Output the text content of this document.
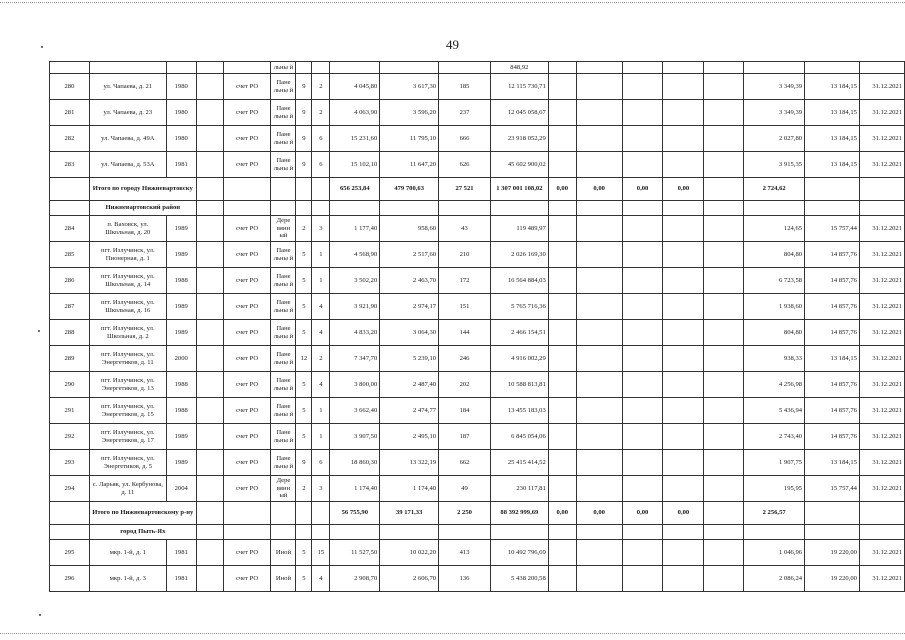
49
					льны й						848,92								
280	ул. Чапаева, д. 21	1980		счет РО	Пане льны й	9	2	4 045,80	3 617,30	185	12 115 730,71						3 349,39	13 184,15	31.12.2021
281	ул. Чапаева, д. 23	1980		счет РО	Пане льны й	9	2	4 063,90	3 596,20	237	12 045 058,67						3 349,39	13 184,15	31.12.2021
282	ул. Чапаева, д. 49А	1980		счет РО	Пане льны й	9	6	15 231,60	11 795,10	666	23 918 052,29						2 027,80	13 184,15	31.12.2021
283	ул. Чапаева, д. 53А	1981		счет РО	Пане льны й	9	6	15 102,10	11 647,20	626	45 602 900,02						3 915,35	13 184,15	31.12.2021
	Итого по городу Нижневартовску							656 253,84	479 700,63	27 521	1 307 001 108,02	0,00	0,00	0,00	0,00		2 724,62		
	Нижневартовский район																		
284	п. Ваховск, ул. Школьная, д. 20	1989		счет РО	Дере вянн ый	2	3	1 177,40	958,60	43	119 489,97						124,65	15 757,44	31.12.2021
285	пгт. Излучинск, ул. Пионерная, д. 1	1989		счет РО	Пане льны й	5	1	4 568,90	2 517,60	210	2 026 169,30						804,80	14 857,76	31.12.2021
286	пгт. Излучинск, ул. Школьная, д. 14	1988		счет РО	Пане льны й	5	1	3 502,20	2 463,70	172	16 564 884,03						6 723,58	14 857,76	31.12.2021
287	пгт. Излучинск, ул. Школьная, д. 16	1989		счет РО	Пане льны й	5	4	3 921,90	2 974,17	151	5 765 716,36						1 938,60	14 857,76	31.12.2021
288	пгт. Излучинск, ул. Школьная, д. 2	1989		счет РО	Пане льны й	5	4	4 833,20	3 064,30	144	2 466 154,51						804,80	14 857,76	31.12.2021
289	пгт. Излучинск, ул. Энергетиков, д. 11	2000		счет РО	Пане льны й	12	2	7 347,70	5 239,10	246	4 916 002,29						938,33	13 184,15	31.12.2021
290	пгт. Излучинск, ул. Энергетиков, д. 13	1988		счет РО	Пане льны й	5	4	3 800,00	2 487,40	202	10 588 813,81						4 256,98	14 857,76	31.12.2021
291	пгт. Излучинск, ул. Энергетиков, д. 15	1988		счет РО	Пане льны й	5	1	3 662,40	2 474,77	184	13 455 183,03						5 436,94	14 857,76	31.12.2021
292	пгт. Излучинск, ул. Энергетиков, д. 17	1989		счет РО	Пане льны й	5	1	3 907,50	2 495,10	187	6 845 054,06						2 743,40	14 857,76	31.12.2021
293	пгт. Излучинск, ул. Энергетиков, д. 5	1989		счет РО	Пане льны й	9	6	18 860,30	13 322,19	662	25 415 414,52						1 907,75	13 184,15	31.12.2021
294	с. Ларьяк, ул. Кербунова, д. 11	2004		счет РО	Дере вянн ый	2	3	1 174,40	1 174,40	49	230 117,81						195,95	15 757,44	31.12.2021
	Итого по Нижневартовскому р-ну							56 755,90	39 171,33	2 250	88 392 999,69	0,00	0,00	0,00	0,00		2 256,57		
	город Пыть-Ях																		
295	мкр. 1-й, д. 1	1981		счет РО	Иной	5	15	11 527,50	10 022,20	413	10 492 796,69						1 046,96	19 220,00	31.12.2021
296	мкр. 1-й, д. 3	1981		счет РО	Иной	5	4	2 908,70	2 606,70	136	5 438 200,58						2 086,24	19 220,00	31.12.2021
